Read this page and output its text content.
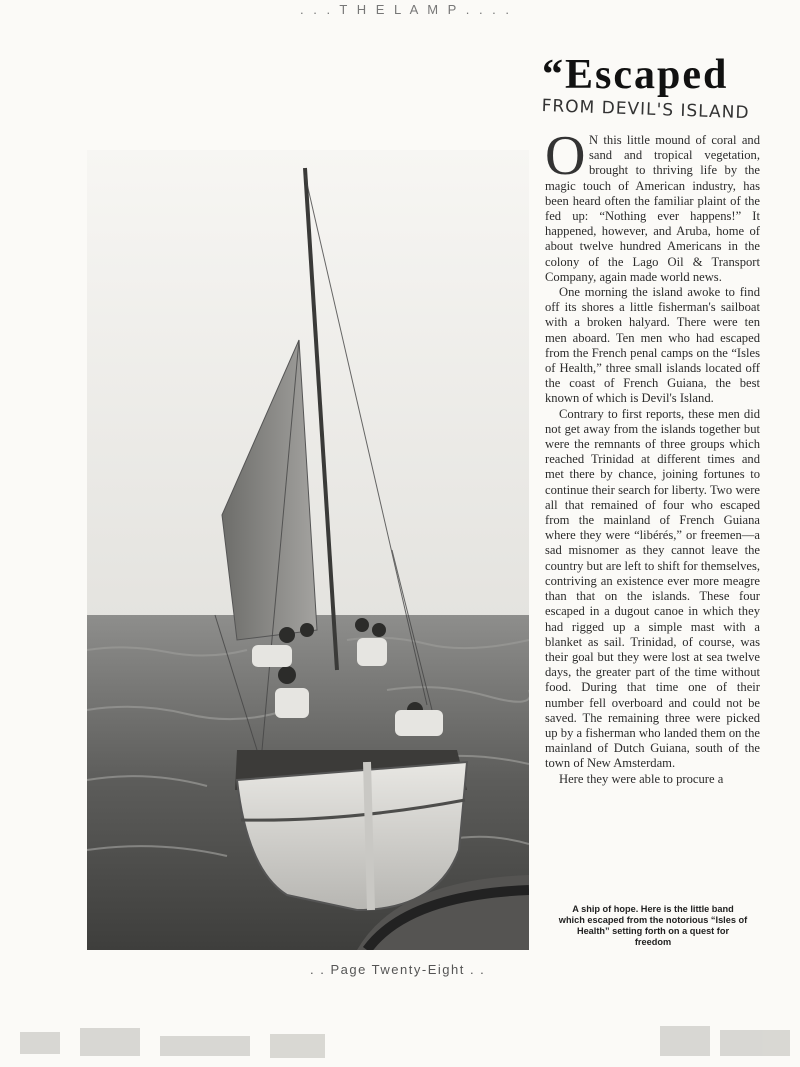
. . . T H E L A M P . . . .
“Escaped
FROM DEVIL'S ISLAND

O N this little mound of coral and sand and tropical vegetation, brought to thriving life by the magic touch of American industry, has been heard often the familiar plaint of the fed up: “Nothing ever happens!” It happened, however, and Aruba, home of about twelve hundred Americans in the colony of the Lago Oil & Transport Company, again made world news.

One morning the island awoke to find off its shores a little fisherman's sailboat with a broken halyard. There were ten men aboard. Ten men who had escaped from the French penal camps on the “Isles of Health,” three small islands located off the coast of French Guiana, the best known of which is Devil's Island.

Contrary to first reports, these men did not get away from the islands together but were the remnants of three groups which reached Trinidad at different times and met there by chance, joining fortunes to continue their search for liberty. Two were all that remained of four who escaped from the mainland of French Guiana where they were “libérés,” or freemen—a sad misnomer as they cannot leave the country but are left to shift for themselves, contriving an existence ever more meagre than that on the islands. These four escaped in a dugout canoe in which they had rigged up a simple mast with a blanket as sail. Trinidad, of course, was their goal but they were lost at sea twelve days, the greater part of the time without food. During that time one of their number fell overboard and could not be saved. The remaining three were picked up by a fisherman who landed them on the mainland of Dutch Guiana, south of the town of New Amsterdam.

Here they were able to procure a

A ship of hope. Here is the little band which escaped from the notorious “Isles of Health” setting forth on a quest for freedom
. . Page Twenty-Eight . .
